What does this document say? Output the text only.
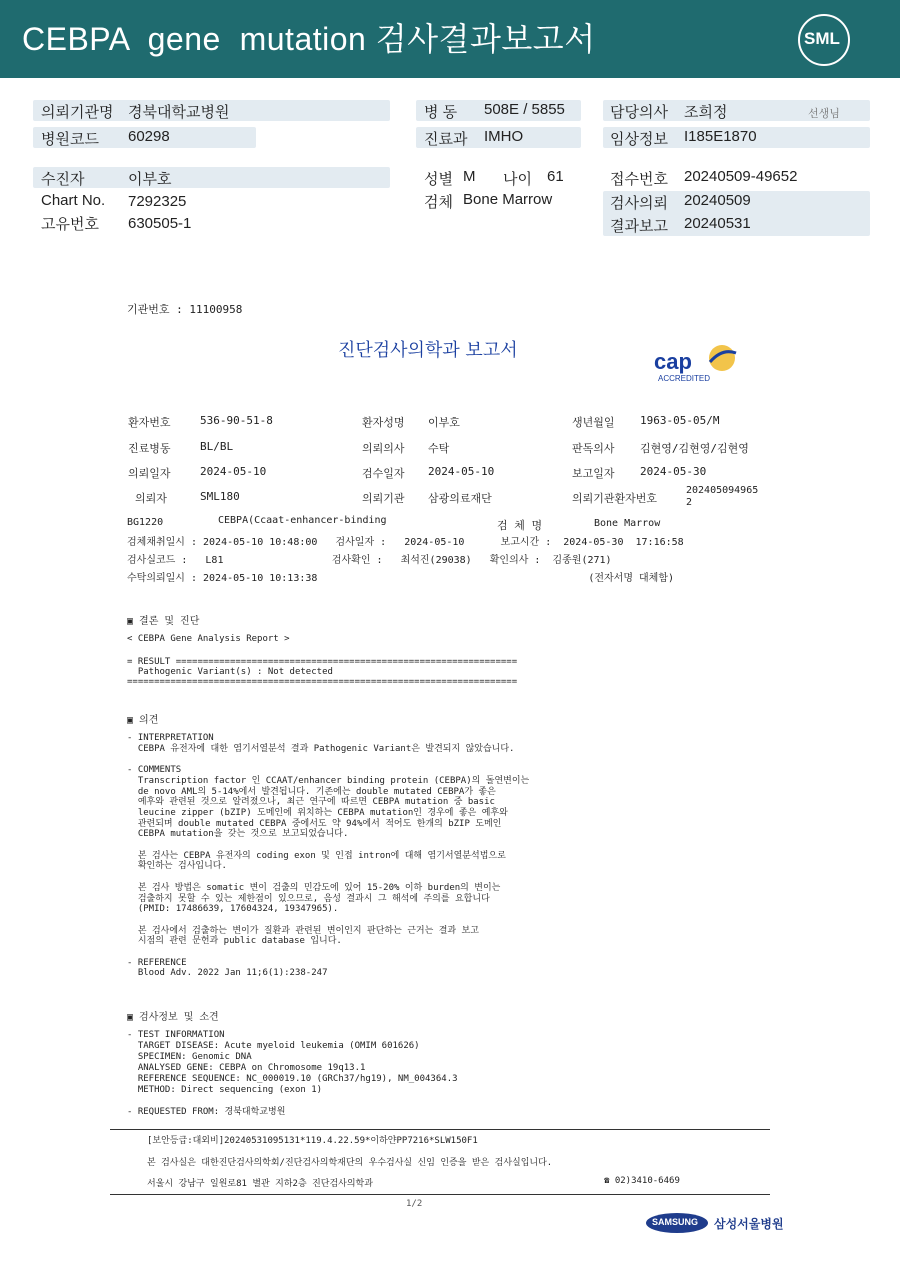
CEBPA  gene  mutation 검사결과보고서	SML
의뢰기관명 경북대학교병원	병 동 508E / 5855	담당의사 조희정	선생님
병원코드 60298	진료과 IMHO	임상정보 I185E1870
수진자	이부호	성별 M 나이 61	접수번호 20240509-49652
Chart No. 7292325	검체 Bone Marrow	검사의뢰 20240509
고유번호 630505-1	결과보고 20240531
기관번호 : 11100958
진단검사의학과 보고서	cap
ACCREDITED
환자번호	536-90-51-8	환자성명 이부호	생년월일 1963-05-05/M
진료병동	BL/BL	의뢰의사 수탁	판독의사 김현영/김현영/김현영
의뢰일자	2024-05-10	검수일자 2024-05-10	보고일자 2024-05-30
의뢰자	SML180	의뢰기관 삼광의료재단	의뢰기관환자번호
202405094965
2
BG1220	CEBPA(Ccaat-enhancer-binding	검 체 명	Bone Marrow
검체채취일시 : 2024-05-10 10:48:00   검사일자 :   2024-05-10      보고시간 :  2024-05-30  17:16:58
검사실코드 :   L81                  검사확인 :   최석진(29038)   확인의사 :  김종원(271)
수탁의뢰일시 : 2024-05-10 10:13:38                                             (전자서명 대체함)
▣ 결론 및 진단
< CEBPA Gene Analysis Report >
= RESULT ===============================================================
Pathogenic Variant(s) : Not detected
========================================================================
▣ 의견
- INTERPRETATION
CEBPA 유전자에 대한 염기서열분석 결과 Pathogenic Variant은 발견되지 않았습니다.

- COMMENTS
Transcription factor 인 CCAAT/enhancer binding protein (CEBPA)의 돌연변이는
de novo AML의 5-14%에서 발견됩니다. 기존에는 double mutated CEBPA가 좋은
예후와 관련된 것으로 알려졌으나, 최근 연구에 따르면 CEBPA mutation 중 basic
leucine zipper (bZIP) 도메인에 위치하는 CEBPA mutation인 경우에 좋은 예후와
관련되며 double mutated CEBPA 중에서도 약 94%에서 적어도 한개의 bZIP 도메인
CEBPA mutation을 갖는 것으로 보고되었습니다.

본 검사는 CEBPA 유전자의 coding exon 및 인접 intron에 대해 염기서열분석법으로
확인하는 검사입니다.

본 검사 방법은 somatic 변이 검출의 민감도에 있어 15-20% 이하 burden의 변이는
검출하지 못할 수 있는 제한점이 있으므로, 음성 결과시 그 해석에 주의를 요합니다
(PMID: 17486639, 17604324, 19347965).

본 검사에서 검출하는 변이가 질환과 관련된 변이인지 판단하는 근거는 결과 보고
시점의 관련 문헌과 public database 입니다.

- REFERENCE
Blood Adv. 2022 Jan 11;6(1):238-247
▣ 검사정보 및 소견
- TEST INFORMATION
TARGET DISEASE: Acute myeloid leukemia (OMIM 601626)
SPECIMEN: Genomic DNA
ANALYSED GENE: CEBPA on Chromosome 19q13.1
REFERENCE SEQUENCE: NC_000019.10 (GRCh37/hg19), NM_004364.3
METHOD: Direct sequencing (exon 1)

- REQUESTED FROM: 경북대학교병원
[보안등급:대외비]20240531095131*119.4.22.59*이하얀PP7216*SLW150F1
본 검사실은 대한진단검사의학회/진단검사의학재단의 우수검사실 신임 인증을 받은 검사실입니다.
서울시 강남구 일원로81 별관 지하2층 진단검사의학과	☎ 02)3410-6469
1/2
SAMSUNG 삼성서울병원
